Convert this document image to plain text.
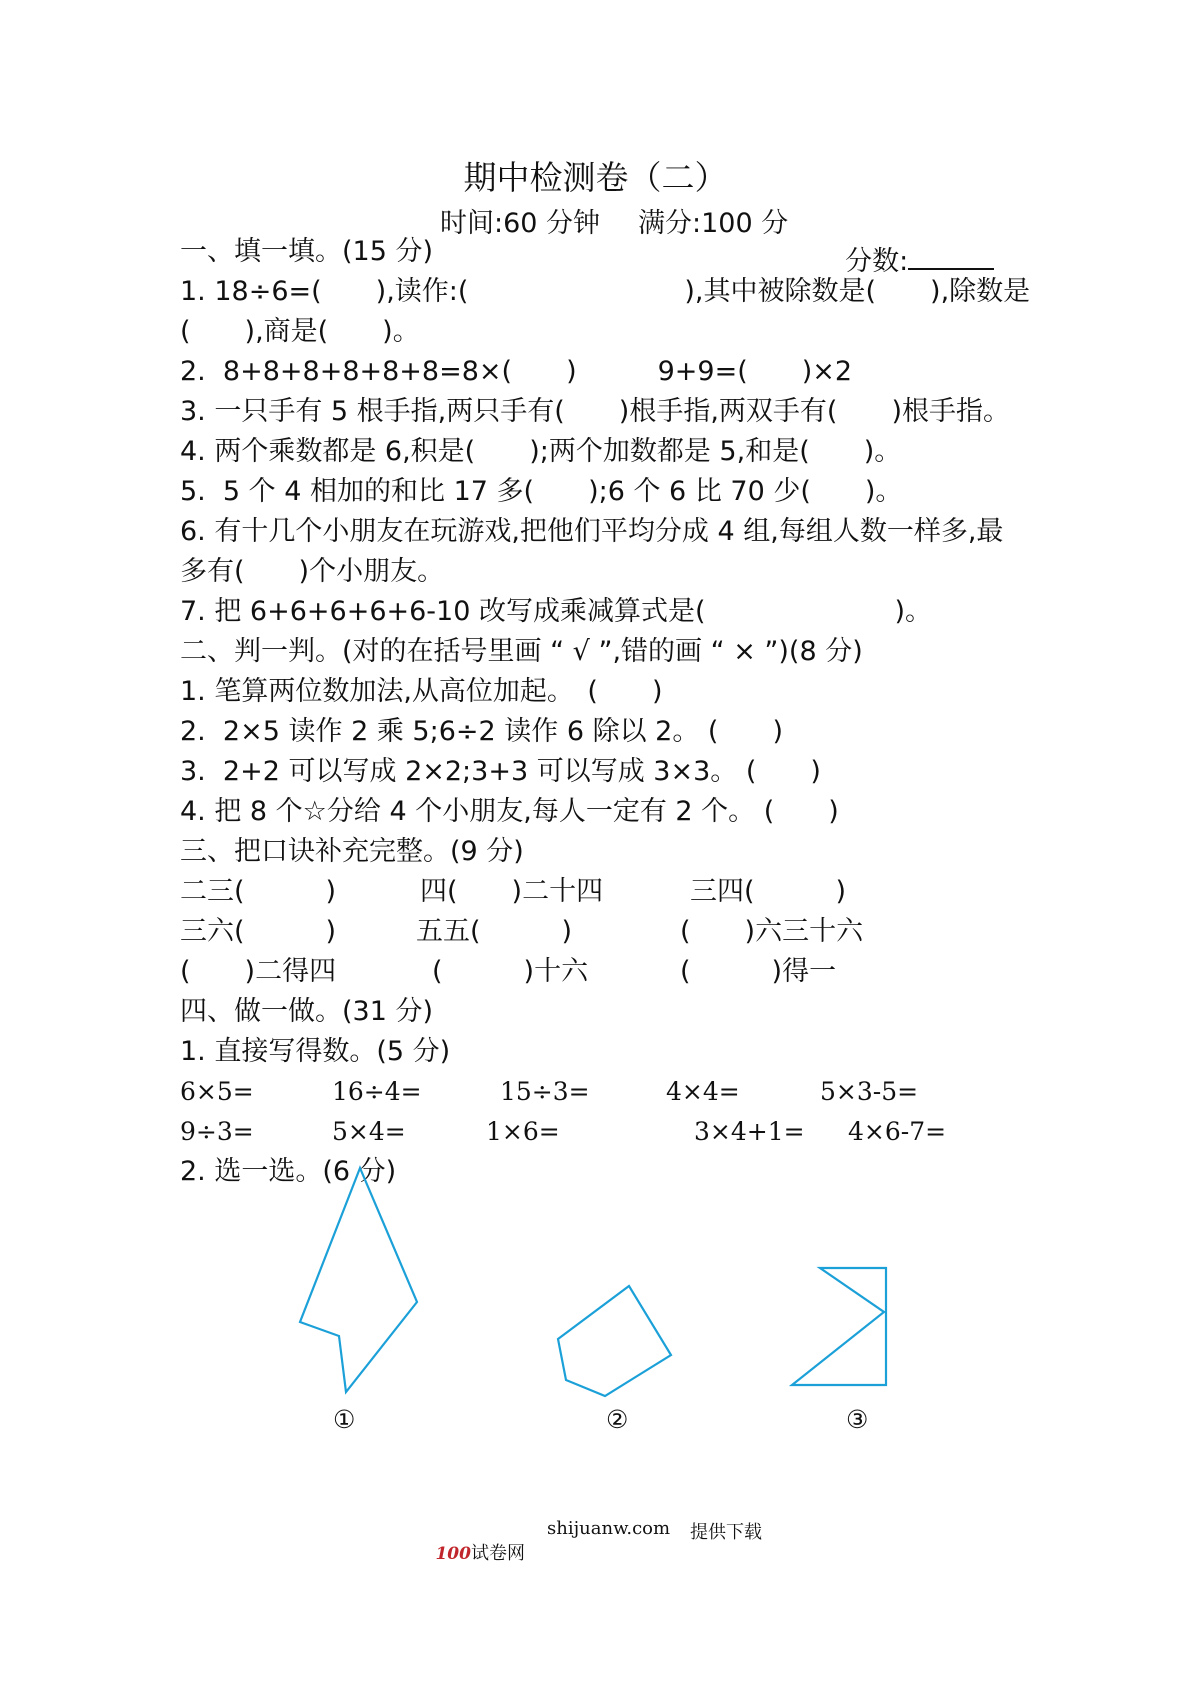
期中检测卷（二）
时间:60 分钟 满分:100 分

分数:

一、填一填。(15 分)
1. 18÷6=(　　),读作:(　　　　　　　　),其中被除数是(　　),除数是
(　　),商是(　　)。
2.  8+8+8+8+8+8=8×(　　)　　　9+9=(　　)×2
3. 一只手有 5 根手指,两只手有(　　)根手指,两双手有(　　)根手指。
4. 两个乘数都是 6,积是(　　);两个加数都是 5,和是(　　)。
5.  5 个 4 相加的和比 17 多(　　);6 个 6 比 70 少(　　)。
6. 有十几个小朋友在玩游戏,把他们平均分成 4 组,每组人数一样多,最
多有(　　)个小朋友。
7. 把 6+6+6+6+6-10 改写成乘减算式是(　　　　　　　)。
二、判一判。(对的在括号里画 “ √ ”,错的画 “ × ”)(8 分)
1. 笔算两位数加法,从高位加起。　(　　)
2.  2×5 读作 2 乘 5;6÷2 读作 6 除以 2。 (　　)
3.  2+2 可以写成 2×2;3+3 可以写成 3×3。 (　　)
4. 把 8 个☆分给 4 个小朋友,每人一定有 2 个。 (　　)
三、把口诀补充完整。(9 分)
二三(　　　)	四(　　)二十四	三四(　　　)
三六(　　　)	五五(　　　)	(　　)六三十六
(　　)二得四	(　　　)十六	(　　　)得一
四、做一做。(31 分)
1. 直接写得数。(5 分)
6×5=	16÷4=	15÷3=	4×4=	5×3-5=
9÷3=	5×4=	1×6=	3×4+1= 4×6-7=
2. 选一选。(6 分)
①	②	③

100试卷网

shijuanw.com 提供下载
